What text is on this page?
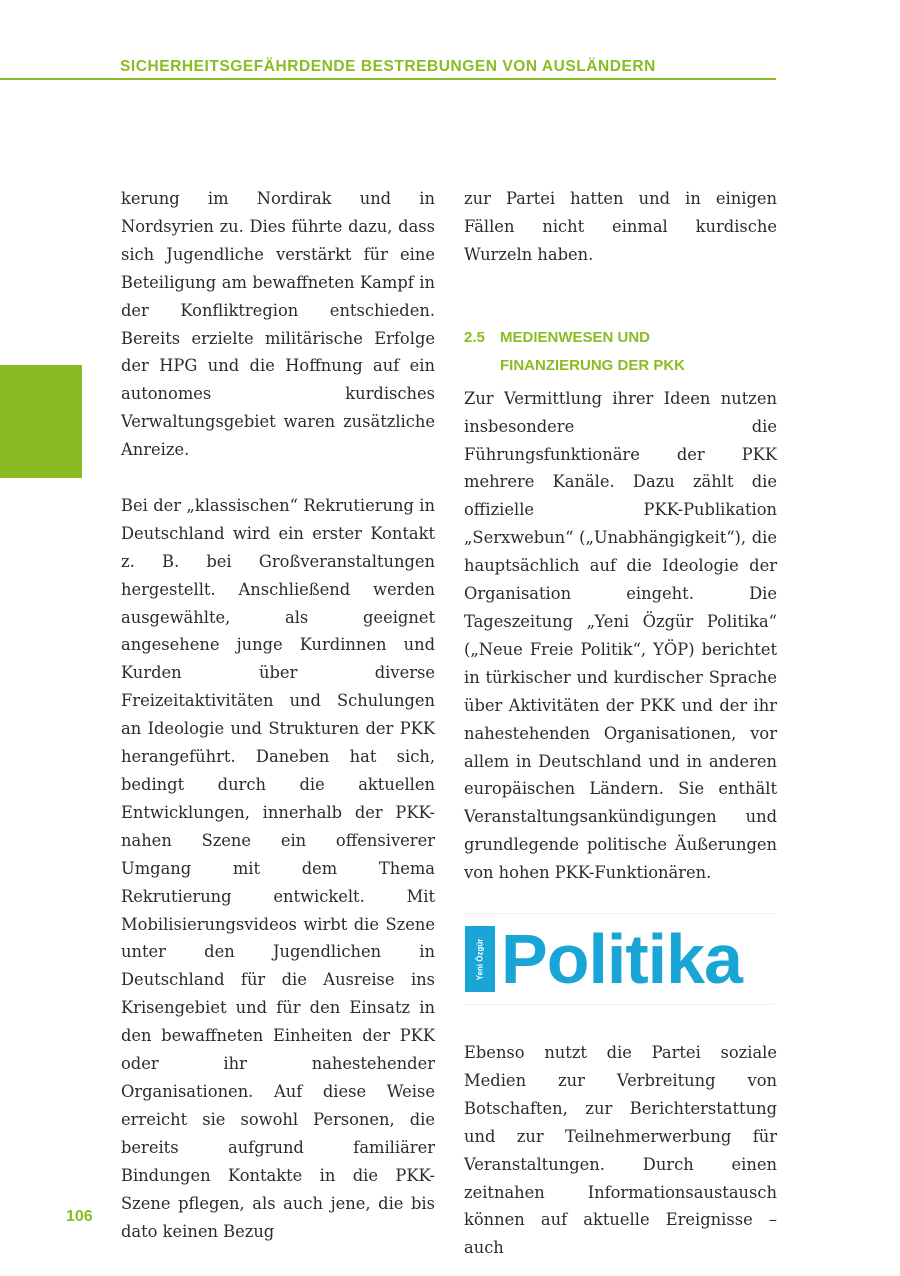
SICHERHEITSGEFÄHRDENDE BESTREBUNGEN VON AUSLÄNDERN

kerung im Nordirak und in Nordsyrien zu. Dies führte dazu, dass sich Jugendliche verstärkt für eine Beteiligung am bewaffneten Kampf in der Konfliktregion entschieden. Bereits erzielte militärische Erfolge der HPG und die Hoffnung auf ein autonomes kurdisches Verwaltungsgebiet waren zusätzliche Anreize.

Bei der „klassischen“ Rekrutierung in Deutschland wird ein erster Kontakt z. B. bei Großveranstaltungen hergestellt. Anschließend werden ausgewählte, als geeignet angesehene junge Kurdinnen und Kurden über diverse Freizeitaktivitäten und Schulungen an Ideologie und Strukturen der PKK herangeführt. Daneben hat sich, bedingt durch die aktuellen Entwicklungen, innerhalb der PKK-nahen Szene ein offensiverer Umgang mit dem Thema Rekrutierung entwickelt. Mit Mobilisierungsvideos wirbt die Szene unter den Jugendlichen in Deutschland für die Ausreise ins Krisengebiet und für den Einsatz in den bewaffneten Einheiten der PKK oder ihr nahestehender Organisationen. Auf diese Weise erreicht sie sowohl Personen, die bereits aufgrund familiärer Bindungen Kontakte in die PKK-Szene pflegen, als auch jene, die bis dato keinen Bezug

zur Partei hatten und in einigen Fällen nicht einmal kurdische Wurzeln haben.

2.5	MEDIENWESEN UND
FINANZIERUNG DER PKK

Zur Vermittlung ihrer Ideen nutzen insbesondere die Führungsfunktionäre der PKK mehrere Kanäle. Dazu zählt die offizielle PKK-Publikation „Serxwebun“ („Unabhängigkeit“), die hauptsächlich auf die Ideologie der Organisation eingeht. Die Tageszeitung „Yeni Özgür Politika“ („Neue Freie Politik“, YÖP) berichtet in türkischer und kurdischer Sprache über Aktivitäten der PKK und der ihr nahestehenden Organisationen, vor allem in Deutschland und in anderen europäischen Ländern. Sie enthält Veranstaltungsankündigungen und grundlegende politische Äußerungen von hohen PKK-Funktionären.

Yeni Özgür Politika

Ebenso nutzt die Partei soziale Medien zur Verbreitung von Botschaften, zur Berichterstattung und zur Teilnehmerwerbung für Veranstaltungen. Durch einen zeitnahen Informationsaustausch können auf aktuelle Ereignisse – auch

106
